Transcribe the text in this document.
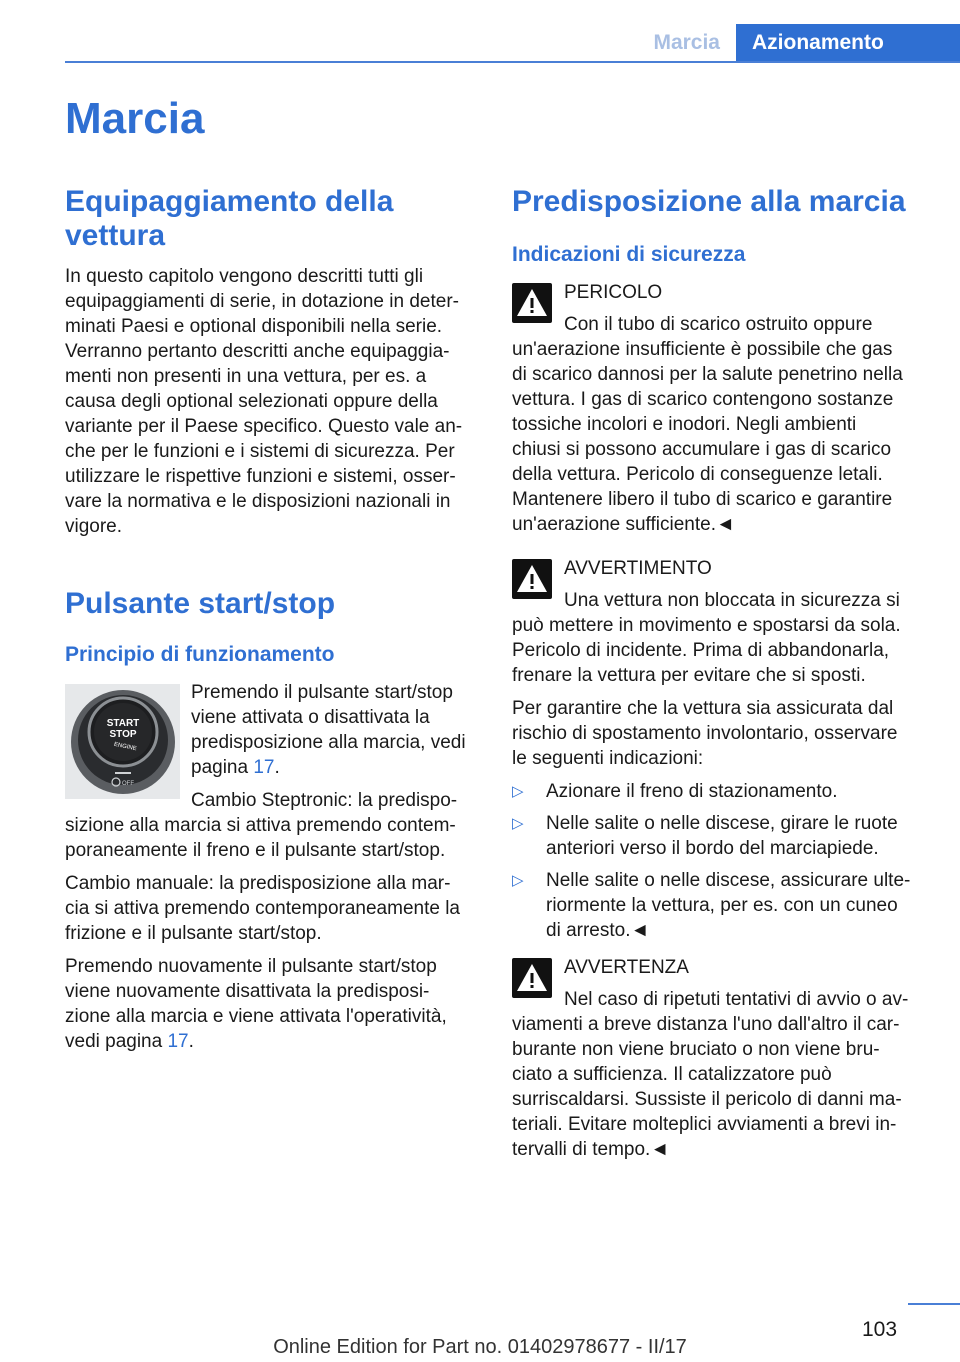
Marcia	Azionamento
Marcia
Equipaggiamento della vettura
In questo capitolo vengono descritti tutti gli
equipaggiamenti di serie, in dotazione in deter‐
minati Paesi e optional disponibili nella serie.
Verranno pertanto descritti anche equipaggia‐
menti non presenti in una vettura, per es. a
causa degli optional selezionati oppure della
variante per il Paese specifico. Questo vale an‐
che per le funzioni e i sistemi di sicurezza. Per
utilizzare le rispettive funzioni e sistemi, osser‐
vare la normativa e le disposizioni nazionali in
vigore.
Pulsante start/stop
Principio di funzionamento
START
STOP
ENGINE
OFF
Premendo il pulsante start/stop
viene attivata o disattivata la
predisposizione alla marcia, vedi
pagina 17.
Cambio Steptronic: la predispo‐
sizione alla marcia si attiva premendo contem‐
poraneamente il freno e il pulsante start/stop.
Cambio manuale: la predisposizione alla mar‐
cia si attiva premendo contemporaneamente la
frizione e il pulsante start/stop.
Premendo nuovamente il pulsante start/stop
viene nuovamente disattivata la predisposi‐
zione alla marcia e viene attivata l'operatività,
vedi pagina 17.
Predisposizione alla marcia
Indicazioni di sicurezza
PERICOLO
Con il tubo di scarico ostruito oppure
un'aerazione insufficiente è possibile che gas
di scarico dannosi per la salute penetrino nella
vettura. I gas di scarico contengono sostanze
tossiche incolori e inodori. Negli ambienti
chiusi si possono accumulare i gas di scarico
della vettura. Pericolo di conseguenze letali.
Mantenere libero il tubo di scarico e garantire
un'aerazione sufficiente.◄
AVVERTIMENTO
Una vettura non bloccata in sicurezza si
può mettere in movimento e spostarsi da sola.
Pericolo di incidente. Prima di abbandonarla,
frenare la vettura per evitare che si sposti.
Per garantire che la vettura sia assicurata dal
rischio di spostamento involontario, osservare
le seguenti indicazioni:
▷ Azionare il freno di stazionamento.
▷ Nelle salite o nelle discese, girare le ruote
anteriori verso il bordo del marciapiede.
▷ Nelle salite o nelle discese, assicurare ulte‐
riormente la vettura, per es. con un cuneo
di arresto.◄
AVVERTENZA
Nel caso di ripetuti tentativi di avvio o av‐
viamenti a breve distanza l'uno dall'altro il car‐
burante non viene bruciato o non viene bru‐
ciato a sufficienza. Il catalizzatore può
surriscaldarsi. Sussiste il pericolo di danni ma‐
teriali. Evitare molteplici avviamenti a brevi in‐
tervalli di tempo.◄
103
Online Edition for Part no. 01402978677 - II/17
